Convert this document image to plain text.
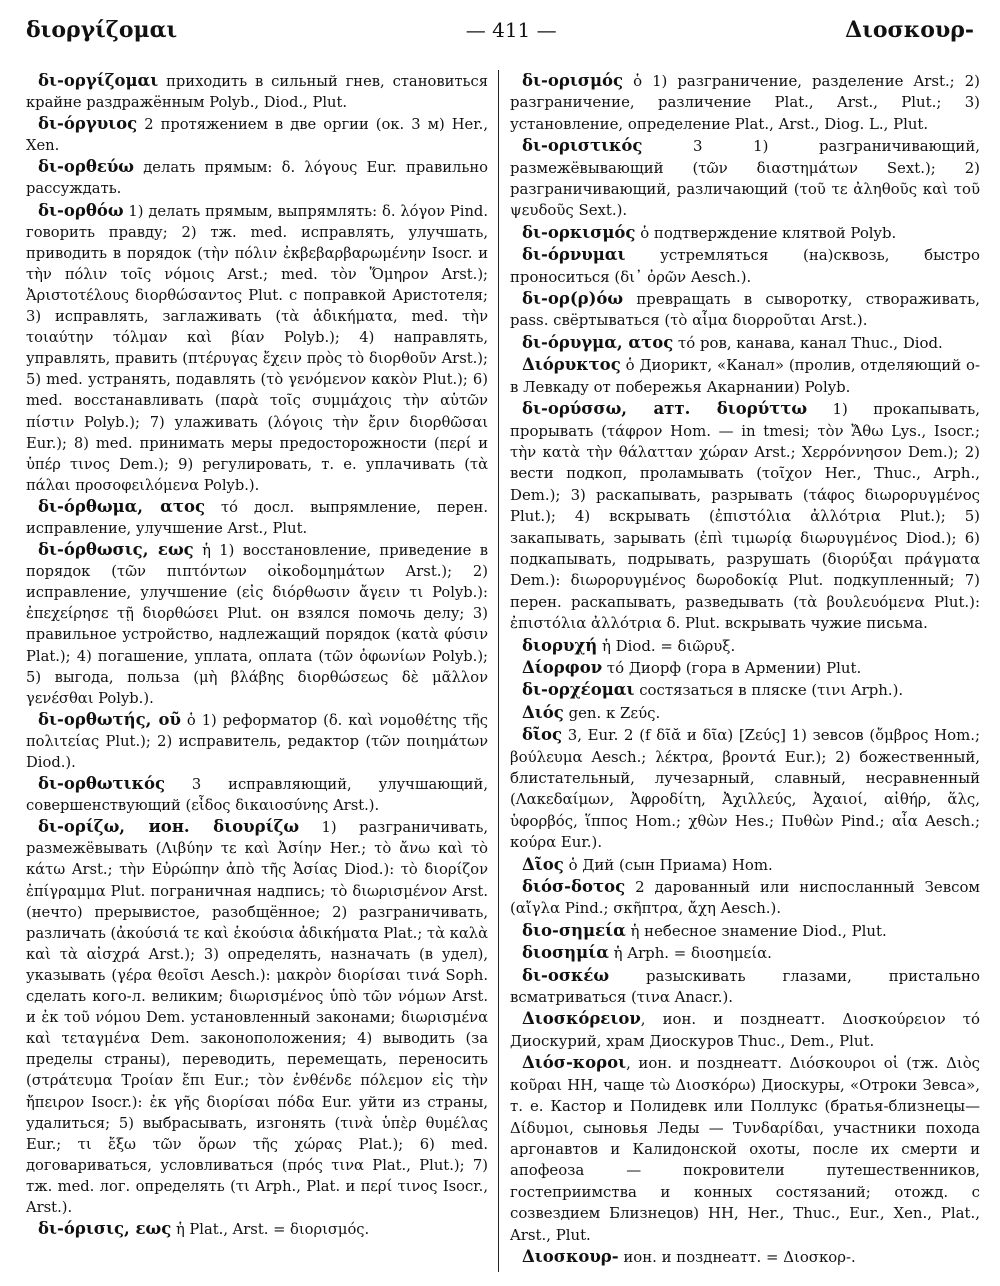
διοργίζομαι	— 411 —	Διοσκουρ-

δι-οργίζομαι приходить в сильный гнев, становиться крайне раздражённым Polyb., Diod., Plut.

δι-όργυιος 2 протяжением в две оргии (ок. 3 м) Her., Xen.

δι-ορθεύω делать прямым: δ. λόγους Eur. правильно рассуждать.

δι-ορθόω 1) делать прямым, выпрямлять: δ. λόγον Pind. говорить правду; 2) тж. med. исправлять, улучшать, приводить в порядок (τὴν πόλιν ἐκβεβαρβαρωμένην Isocr. и τὴν πόλιν τοῖς νόμοις Arst.; med. τὸν Ὅμηρον Arst.); Ἀριστοτέλους διορθώσαντος Plut. с поправкой Аристотеля; 3) исправлять, заглаживать (τὰ ἀδικήματα, med. τὴν τοιαύτην τόλμαν καὶ βίαν Polyb.); 4) направлять, управлять, править (πτέρυγας ἔχειν πρὸς τὸ διορθοῦν Arst.); 5) med. устранять, подавлять (τὸ γενόμενον κακὸν Plut.); 6) med. восстанавливать (παρὰ τοῖς συμμάχοις τὴν αὑτῶν πίστιν Polyb.); 7) улаживать (λόγοις τὴν ἔριν διορθῶσαι Eur.); 8) med. принимать меры предосторожности (περί и ὑπέρ τινος Dem.); 9) регулировать, т. е. уплачивать (τὰ πάλαι προσοφειλόμενα Polyb.).

δι-όρθωμα, ατος τό досл. выпрямление, перен. исправление, улучшение Arst., Plut.

δι-όρθωσις, εως ἡ 1) восстановление, приведение в порядок (τῶν πιπτόντων οἰκοδομημάτων Arst.); 2) исправление, улучшение (εἰς διόρθωσιν ἄγειν τι Polyb.): ἐπεχείρησε τῇ διορθώσει Plut. он взялся помочь делу; 3) правильное устройство, надлежащий порядок (κατὰ φύσιν Plat.); 4) погашение, уплата, оплата (τῶν ὀφωνίων Polyb.); 5) выгода, польза (μὴ βλάβης διορθώσεως δὲ μᾶλλον γενέσθαι Polyb.).

δι-ορθωτής, οῦ ὁ 1) реформатор (δ. καὶ νομοθέτης τῆς πολιτείας Plut.); 2) исправитель, редактор (τῶν ποιημάτων Diod.).

δι-ορθωτικός 3 исправляющий, улучшающий, совершенствующий (εἶδος δικαιοσύνης Arst.).

δι-ορίζω, ион. διουρίζω 1) разграничивать, размежёвывать (Λιβύην τε καὶ Ἀσίην Her.; τὸ ἄνω καὶ τὸ κάτω Arst.; τὴν Εὐρώπην ἀπὸ τῆς Ἀσίας Diod.): τὸ διορίζον ἐπίγραμμα Plut. пограничная надпись; τὸ διωρισμένον Arst. (нечто) прерывистое, разобщённое; 2) разграничивать, различать (ἀκούσιά τε καὶ ἑκούσια ἀδικήματα Plat.; τὰ καλὰ καὶ τὰ αἰσχρά Arst.); 3) определять, назначать (в удел), указывать (γέρα θεοῖσι Aesch.): μακρὸν διορίσαι τινά Soph. сделать кого-л. великим; διωρισμένος ὑπὸ τῶν νόμων Arst. и ἐκ τοῦ νόμου Dem. установленный законами; διωρισμένα καὶ τεταγμένα Dem. законоположения; 4) выводить (за пределы страны), переводить, перемещать, переносить (στράτευμα Τροίαν ἔπι Eur.; τὸν ἐνθένδε πόλεμον εἰς τὴν ἤπειρον Isocr.): ἐκ γῆς διορίσαι πόδα Eur. уйти из страны, удалиться; 5) выбрасывать, изгонять (τινὰ ὑπὲρ θυμέλας Eur.; τι ἔξω τῶν ὅρων τῆς χώρας Plat.); 6) med. договариваться, условливаться (πρός τινα Plat., Plut.); 7) тж. med. лог. определять (τι Arph., Plat. и περί τινος Isocr., Arst.).

δι-όρισις, εως ἡ Plat., Arst. = διορισμός.

δι-ορισμός ὁ 1) разграничение, разделение Arst.; 2) разграничение, различение Plat., Arst., Plut.; 3) установление, определение Plat., Arst., Diog. L., Plut.

δι-οριστικός 3 1) разграничивающий, размежёвывающий (τῶν διαστημάτων Sext.); 2) разграничивающий, различающий (τοῦ τε ἀληθοῦς καὶ τοῦ ψευδοῦς Sext.).

δι-ορκισμός ὁ подтверждение клятвой Polyb.

δι-όρνυμαι устремляться (на)сквозь, быстро проноситься (δι᾽ ὀρῶν Aesch.).

δι-ορ(ρ)όω превращать в сыворотку, створаживать, pass. свёртываться (τὸ αἷμα διορροῦται Arst.).

δι-όρυγμα, ατος τό ров, канава, канал Thuc., Diod.

Διόρυκτος ὁ Диорикт, «Канал» (пролив, отделяющий о-в Левкаду от побережья Акарнании) Polyb.

δι-ορύσσω, атт. διορύττω 1) прокапывать, прорывать (τάφρον Hom. — in tmesi; τὸν Ἄθω Lys., Isocr.; τὴν κατὰ τὴν θάλατταν χώραν Arst.; Χερρόννησον Dem.); 2) вести подкоп, проламывать (τοῖχον Her., Thuc., Arph., Dem.); 3) раскапывать, разрывать (τάφος διωρορυγμένος Plut.); 4) вскрывать (ἐπιστόλια ἀλλότρια Plut.); 5) закапывать, зарывать (ἐπὶ τιμωρίᾳ διωρυγμένος Diod.); 6) подкапывать, подрывать, разрушать (διορύξαι πράγματα Dem.): διωρορυγμένος δωροδοκίᾳ Plut. подкупленный; 7) перен. раскапывать, разведывать (τὰ βουλευόμενα Plut.): ἐπιστόλια ἀλλότρια δ. Plut. вскрывать чужие письма.

διορυχή ἡ Diod. = διῶρυξ.

Δίορφον τό Диорф (гора в Армении) Plut.

δι-ορχέομαι состязаться в пляске (τινι Arph.).

Διός gen. к Ζεύς.

δῖος 3, Eur. 2 (f δῖᾰ и δῖα) [Ζεύς] 1) зевсов (ὄμβρος Hom.; βούλευμα Aesch.; λέκτρα, βροντά Eur.); 2) божественный, блистательный, лучезарный, славный, несравненный (Λακεδαίμων, Ἀφροδίτη, Ἀχιλλεύς, Ἀχαιοί, αἰθήρ, ἅλς, ὑφορβός, ἵππος Hom.; χθὼν Hes.; Πυθὼν Pind.; αἶα Aesch.; κούρα Eur.).

Δῖος ὁ Дий (сын Приама) Hom.

διόσ-δοτος 2 дарованный или ниспосланный Зевсом (αἴγλα Pind.; σκῆπτρα, ἄχη Aesch.).

διο-σημεία ἡ небесное знамение Diod., Plut.

διοσημία ἡ Arph. = διοσημεία.

δι-οσκέω разыскивать глазами, пристально всматриваться (τινα Anacr.).

Διοσκόρειον, ион. и позднеатт. Διοσκούρειον τό Диоскурий, храм Диоскуров Thuc., Dem., Plut.

Διόσ-κοροι, ион. и позднеатт. Διόσκουροι οἱ (тж. Διὸς κοῦραι HH, чаще τὼ Διοσκόρω) Диоскуры, «Отроки Зевса», т. е. Кастор и Полидевк или Поллукс (братья-близнецы—Δίδυμοι, сыновья Леды — Τυνδαρίδαι, участники похода аргонавтов и Калидонской охоты, после их смерти и апофеоза — покровители путешественников, гостеприимства и конных состязаний; отожд. с созвездием Близнецов) HH, Her., Thuc., Eur., Xen., Plat., Arst., Plut.

Διοσκουρ- ион. и позднеатт. = Διοσκορ-.
